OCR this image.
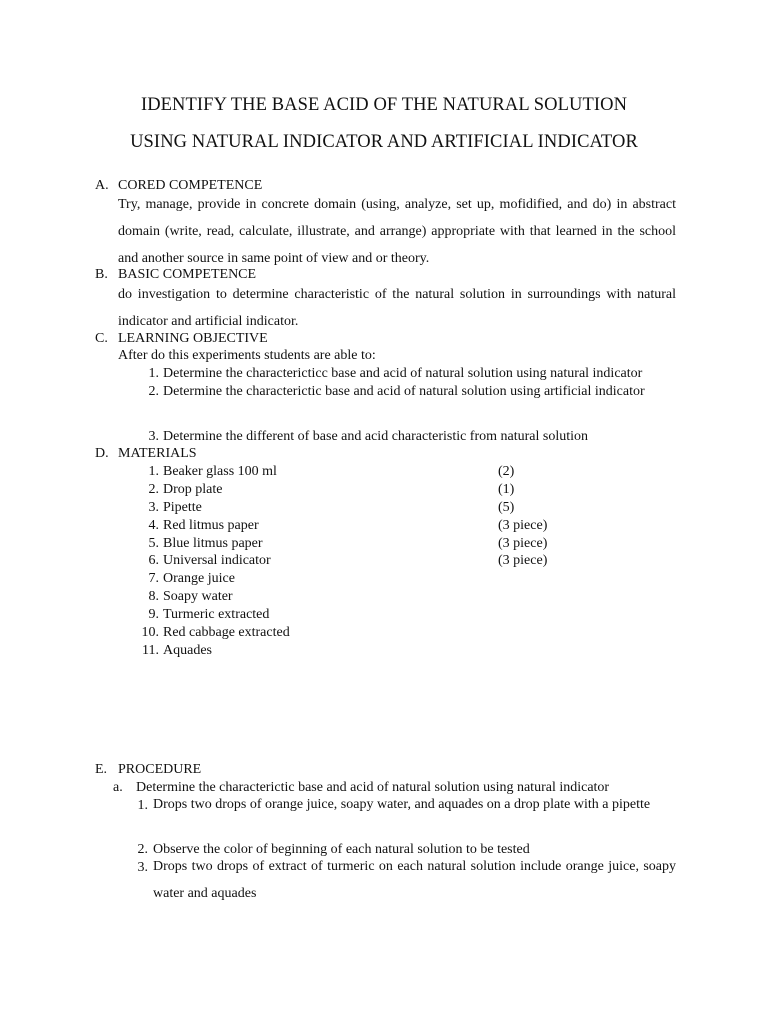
IDENTIFY THE BASE ACID OF THE NATURAL SOLUTION
USING NATURAL INDICATOR AND ARTIFICIAL INDICATOR
A. CORED COMPETENCE
Try, manage, provide in concrete domain (using, analyze, set up, mofidified, and do) in abstract domain (write, read, calculate, illustrate, and arrange) appropriate with that learned in the school and another source in same point of view and or theory.
B. BASIC COMPETENCE
do investigation to determine characteristic of the natural solution in surroundings with natural indicator and artificial indicator.
C. LEARNING OBJECTIVE
After do this experiments students are able to:
1. Determine the charactericticc base and acid of natural solution using natural indicator
2. Determine the characterictic base and acid of natural solution using artificial indicator
3. Determine the different of base and acid characteristic from natural solution
D. MATERIALS
1. Beaker glass 100 ml	(2)
2. Drop plate	(1)
3. Pipette	(5)
4. Red litmus paper	(3 piece)
5. Blue litmus paper	(3 piece)
6. Universal indicator	(3 piece)
7. Orange juice
8. Soapy water
9. Turmeric extracted
10. Red cabbage extracted
11. Aquades
E. PROCEDURE
a. Determine the characterictic base and acid of natural solution using natural indicator
1. Drops two drops of orange juice, soapy water, and aquades on a drop plate with a pipette
2. Observe the color of beginning of each natural solution to be tested
3. Drops two drops of extract of turmeric on each natural solution include orange juice, soapy water and aquades
